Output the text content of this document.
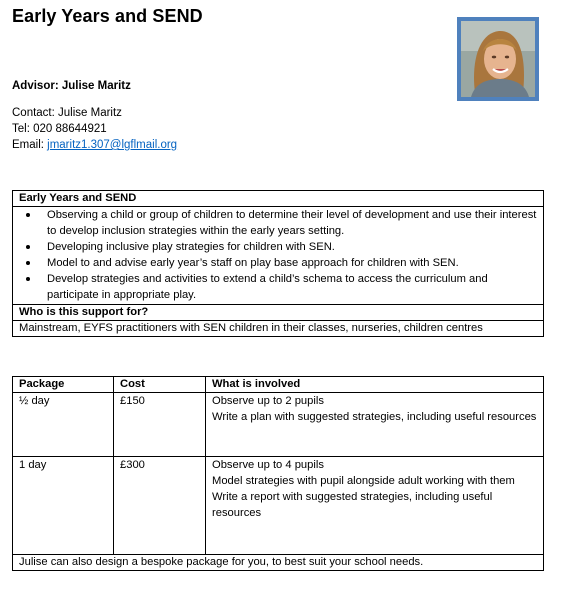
Early Years and SEND
Advisor: Julise Maritz
Contact: Julise Maritz
Tel: 020 88644921
Email: jmaritz1.307@lgflmail.org
Early Years and SEND

Observing a child or group of children to determine their level of development and use their interest to develop inclusion strategies within the early years setting.
Developing inclusive play strategies for children with SEN.
Model to and advise early year’s staff on play base approach for children with SEN.
Develop strategies and activities to extend a child’s schema to access the curriculum and participate in appropriate play.

Who is this support for?
Mainstream, EYFS practitioners with SEN children in their classes, nurseries, children centres
Package	Cost	What is involved
½ day	£150	Observe up to 2 pupils
Write a plan with suggested strategies, including useful resources

1 day	£300	Observe up to 4 pupils
Model strategies with pupil alongside adult working with them
Write a report with suggested strategies, including useful resources

Julise can also design a bespoke package for you, to best suit your school needs.		
